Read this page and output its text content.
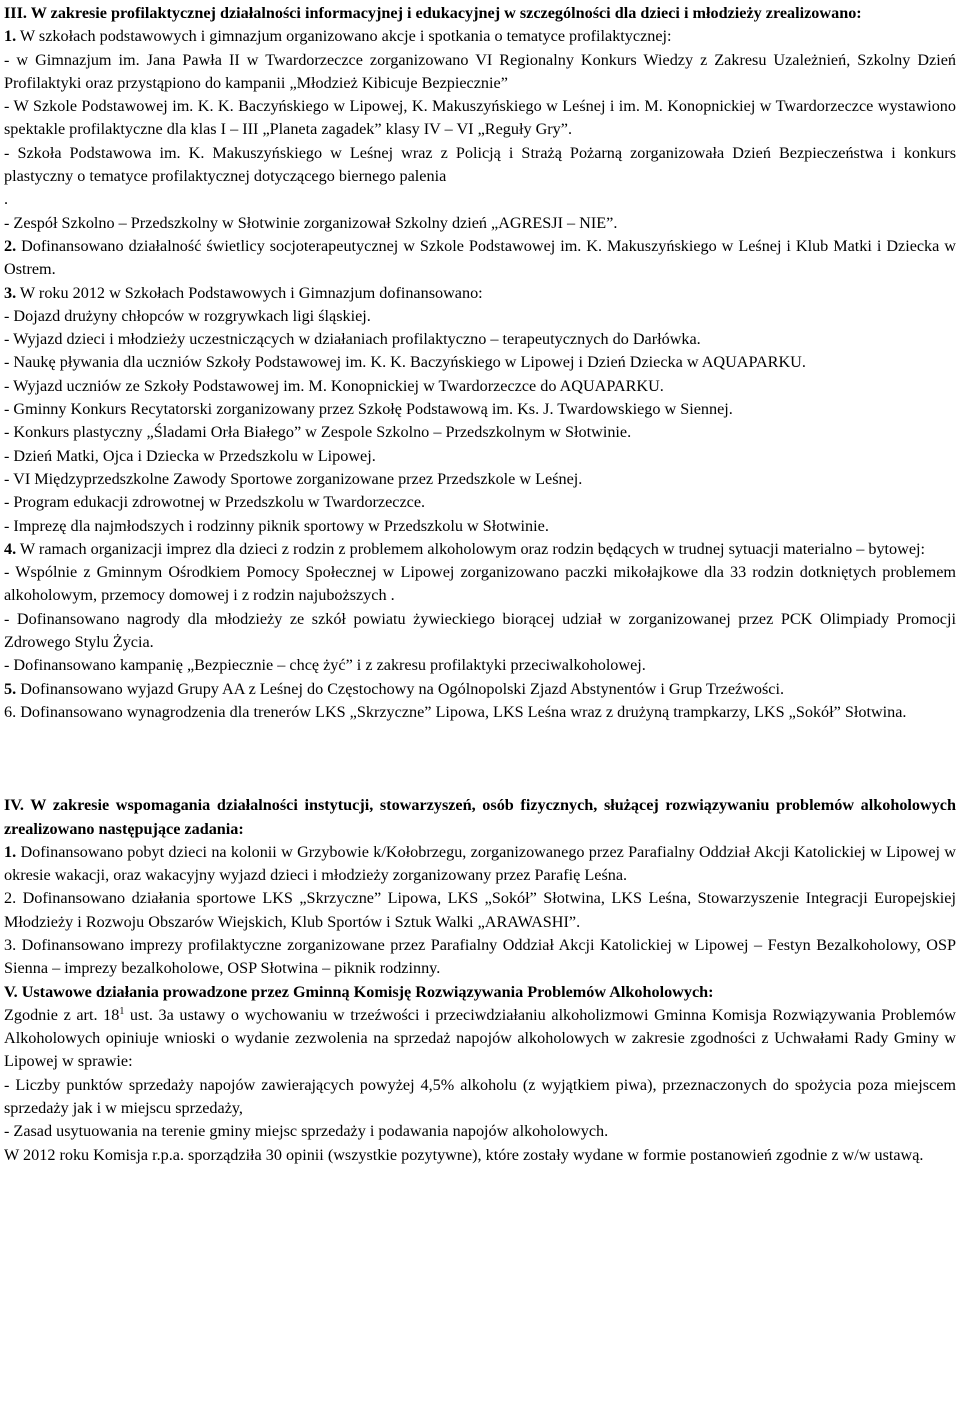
III. W zakresie profilaktycznej działalności informacyjnej i edukacyjnej w szczególności dla dzieci i młodzieży zrealizowano:

1. W szkołach podstawowych i gimnazjum organizowano akcje i spotkania o tematyce profilaktycznej:

- w Gimnazjum im. Jana Pawła II w Twardorzeczce zorganizowano VI Regionalny Konkurs Wiedzy z Zakresu Uzależnień, Szkolny Dzień Profilaktyki oraz przystąpiono do kampanii „Młodzież Kibicuje Bezpiecznie”

- W Szkole Podstawowej im. K. K. Baczyńskiego w Lipowej, K. Makuszyńskiego w Leśnej i im. M. Konopnickiej w Twardorzeczce wystawiono spektakle profilaktyczne dla klas I – III „Planeta zagadek” klasy IV – VI „Reguły Gry”.

- Szkoła Podstawowa im. K. Makuszyńskiego w Leśnej wraz z Policją i Strażą Pożarną zorganizowała Dzień Bezpieczeństwa i konkurs plastyczny o tematyce profilaktycznej dotyczącego biernego palenia

.

- Zespół Szkolno – Przedszkolny w Słotwinie zorganizował Szkolny dzień „AGRESJI – NIE”.

2. Dofinansowano działalność świetlicy socjoterapeutycznej w Szkole Podstawowej im. K. Makuszyńskiego w Leśnej i Klub Matki i Dziecka w Ostrem.

3. W roku 2012 w Szkołach Podstawowych i Gimnazjum dofinansowano:

- Dojazd drużyny chłopców w rozgrywkach ligi śląskiej.

- Wyjazd dzieci i młodzieży uczestniczących w działaniach profilaktyczno – terapeutycznych do Darłówka.

- Naukę pływania dla uczniów Szkoły Podstawowej im. K. K. Baczyńskiego w Lipowej i Dzień Dziecka w AQUAPARKU.

- Wyjazd uczniów ze Szkoły Podstawowej im. M. Konopnickiej w Twardorzeczce do AQUAPARKU.

- Gminny Konkurs Recytatorski zorganizowany przez Szkołę Podstawową im. Ks. J. Twardowskiego w Siennej.

- Konkurs plastyczny „Śladami Orła Białego” w Zespole Szkolno – Przedszkolnym w Słotwinie.

- Dzień Matki, Ojca i Dziecka w Przedszkolu w Lipowej.

- VI Międzyprzedszkolne Zawody Sportowe zorganizowane przez Przedszkole w Leśnej.

- Program edukacji zdrowotnej w Przedszkolu w Twardorzeczce.

- Imprezę dla najmłodszych i rodzinny piknik sportowy w Przedszkolu w Słotwinie.

4. W ramach organizacji imprez dla dzieci z rodzin z problemem alkoholowym oraz rodzin będących w trudnej sytuacji materialno – bytowej:

- Wspólnie z Gminnym Ośrodkiem Pomocy Społecznej w Lipowej zorganizowano paczki mikołajkowe dla 33 rodzin dotkniętych problemem alkoholowym, przemocy domowej i z rodzin najuboższych .

- Dofinansowano nagrody dla młodzieży ze szkół powiatu żywieckiego biorącej udział w zorganizowanej przez PCK Olimpiady Promocji Zdrowego Stylu Życia.

- Dofinansowano kampanię „Bezpiecznie – chcę żyć” i z zakresu profilaktyki przeciwalkoholowej.

5. Dofinansowano wyjazd Grupy AA z Leśnej do Częstochowy na Ogólnopolski Zjazd Abstynentów i Grup Trzeźwości.

6. Dofinansowano wynagrodzenia dla trenerów LKS „Skrzyczne” Lipowa, LKS Leśna wraz z drużyną trampkarzy, LKS „Sokół” Słotwina.

IV. W zakresie wspomagania działalności instytucji, stowarzyszeń, osób fizycznych, służącej rozwiązywaniu problemów alkoholowych zrealizowano następujące zadania:

1. Dofinansowano pobyt dzieci na kolonii w Grzybowie k/Kołobrzegu, zorganizowanego przez Parafialny Oddział Akcji Katolickiej w Lipowej w okresie wakacji, oraz wakacyjny wyjazd dzieci i młodzieży zorganizowany przez Parafię Leśna.

2. Dofinansowano działania sportowe LKS „Skrzyczne” Lipowa, LKS „Sokół” Słotwina, LKS Leśna, Stowarzyszenie Integracji Europejskiej Młodzieży i Rozwoju Obszarów Wiejskich, Klub Sportów i Sztuk Walki „ARAWASHI”.

3. Dofinansowano imprezy profilaktyczne zorganizowane przez Parafialny Oddział Akcji Katolickiej w Lipowej – Festyn Bezalkoholowy, OSP Sienna – imprezy bezalkoholowe, OSP Słotwina – piknik rodzinny.

V. Ustawowe działania prowadzone przez Gminną Komisję Rozwiązywania Problemów Alkoholowych:

Zgodnie z art. $18^1$ ust. 3a ustawy o wychowaniu w trzeźwości i przeciwdziałaniu alkoholizmowi Gminna Komisja Rozwiązywania Problemów Alkoholowych opiniuje wnioski o wydanie zezwolenia na sprzedaż napojów alkoholowych w zakresie zgodności z Uchwałami Rady Gminy w Lipowej w sprawie:

- Liczby punktów sprzedaży napojów zawierających powyżej 4,5% alkoholu (z wyjątkiem piwa), przeznaczonych do spożycia poza miejscem sprzedaży jak i w miejscu sprzedaży,

- Zasad usytuowania na terenie gminy miejsc sprzedaży i podawania napojów alkoholowych.

W 2012 roku Komisja r.p.a. sporządziła 30 opinii (wszystkie pozytywne), które zostały wydane w formie postanowień zgodnie z w/w ustawą.
